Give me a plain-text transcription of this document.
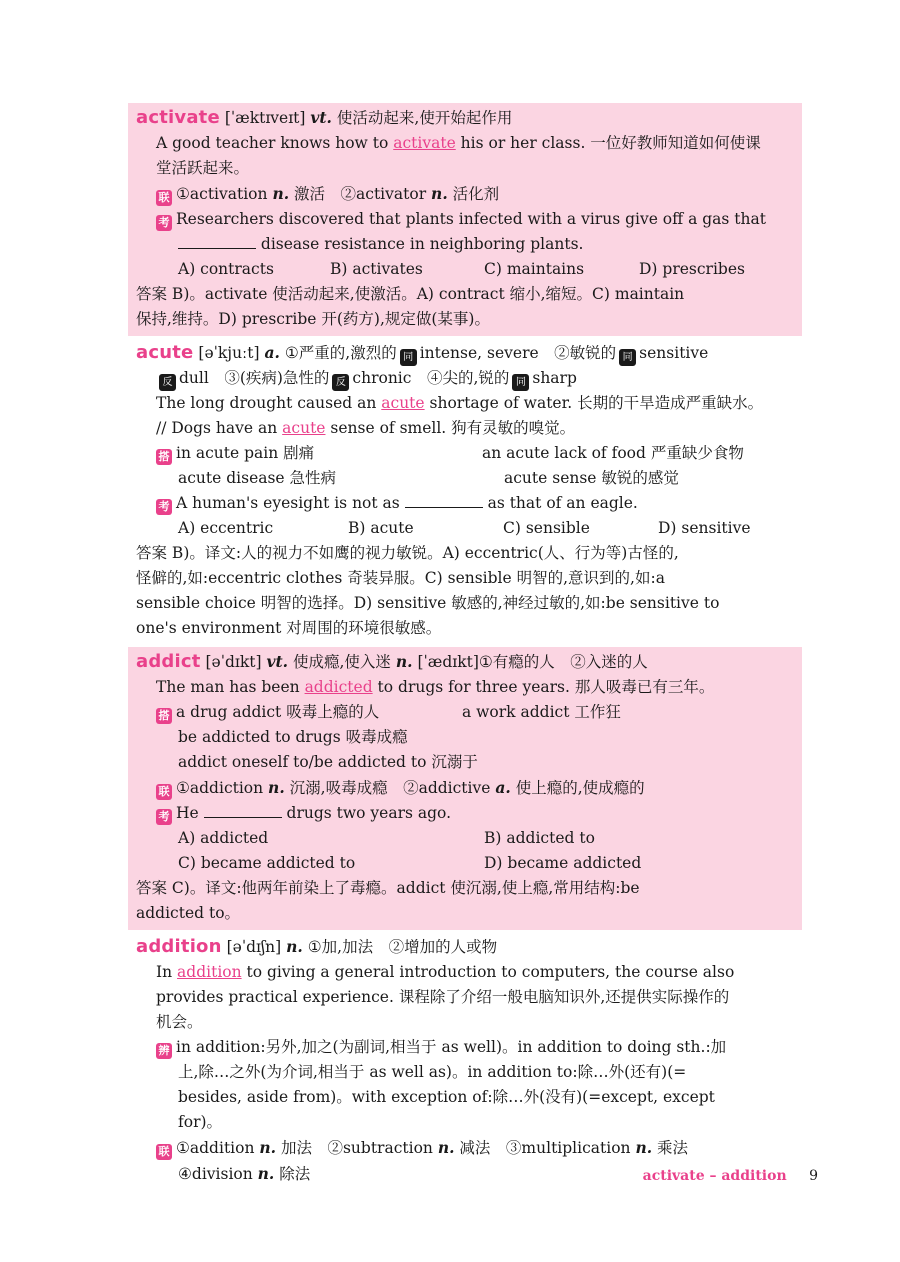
activate [ˈæktɪveɪt] vt. 使活动起来,使开始起作用
A good teacher knows how to activate his or her class. 一位好教师知道如何使课
堂活跃起来。
联 ①activation n. 激活　②activator n. 活化剂
考 Researchers discovered that plants infected with a virus give off a gas that
disease resistance in neighboring plants.
A) contracts	B) activates	C) maintains	D) prescribes
答案 B)。activate 使活动起来,使激活。A) contract 缩小,缩短。C) maintain
保持,维持。D) prescribe 开(药方),规定做(某事)。
acute [əˈkjuːt] a. ①严重的,激烈的 同 intense, severe　②敏锐的 同 sensitive
反 dull　③(疾病)急性的 反 chronic　④尖的,锐的 同 sharp
The long drought caused an acute shortage of water. 长期的干旱造成严重缺水。
// Dogs have an acute sense of smell. 狗有灵敏的嗅觉。
搭 in acute pain 剧痛	an acute lack of food 严重缺少食物
acute disease 急性病	acute sense 敏锐的感觉
考 A human's eyesight is not as	as that of an eagle.
A) eccentric	B) acute	C) sensible	D) sensitive
答案 B)。译文:人的视力不如鹰的视力敏锐。A) eccentric(人、行为等)古怪的,
怪僻的,如:eccentric clothes 奇装异服。C) sensible 明智的,意识到的,如:a
sensible choice 明智的选择。D) sensitive 敏感的,神经过敏的,如:be sensitive to
one's environment 对周围的环境很敏感。
addict [əˈdɪkt] vt. 使成瘾,使入迷 n. [ˈædɪkt]①有瘾的人　②入迷的人
The man has been addicted to drugs for three years. 那人吸毒已有三年。
搭 a drug addict 吸毒上瘾的人	a work addict 工作狂
be addicted to drugs 吸毒成瘾
addict oneself to/be addicted to 沉溺于
联 ①addiction n. 沉溺,吸毒成瘾　②addictive a. 使上瘾的,使成瘾的
考 He	drugs two years ago.
A) addicted	B) addicted to
C) became addicted to	D) became addicted
答案 C)。译文:他两年前染上了毒瘾。addict 使沉溺,使上瘾,常用结构:be
addicted to。
addition [əˈdɪʃn] n. ①加,加法　②增加的人或物
In addition to giving a general introduction to computers, the course also
provides practical experience. 课程除了介绍一般电脑知识外,还提供实际操作的
机会。
辨 in addition:另外,加之(为副词,相当于 as well)。in addition to doing sth.:加
上,除…之外(为介词,相当于 as well as)。in addition to:除…外(还有)(=
besides, aside from)。with exception of:除…外(没有)(=except, except
for)。
联 ①addition n. 加法　②subtraction n. 减法　③multiplication n. 乘法
④division n. 除法	activate – addition 9
